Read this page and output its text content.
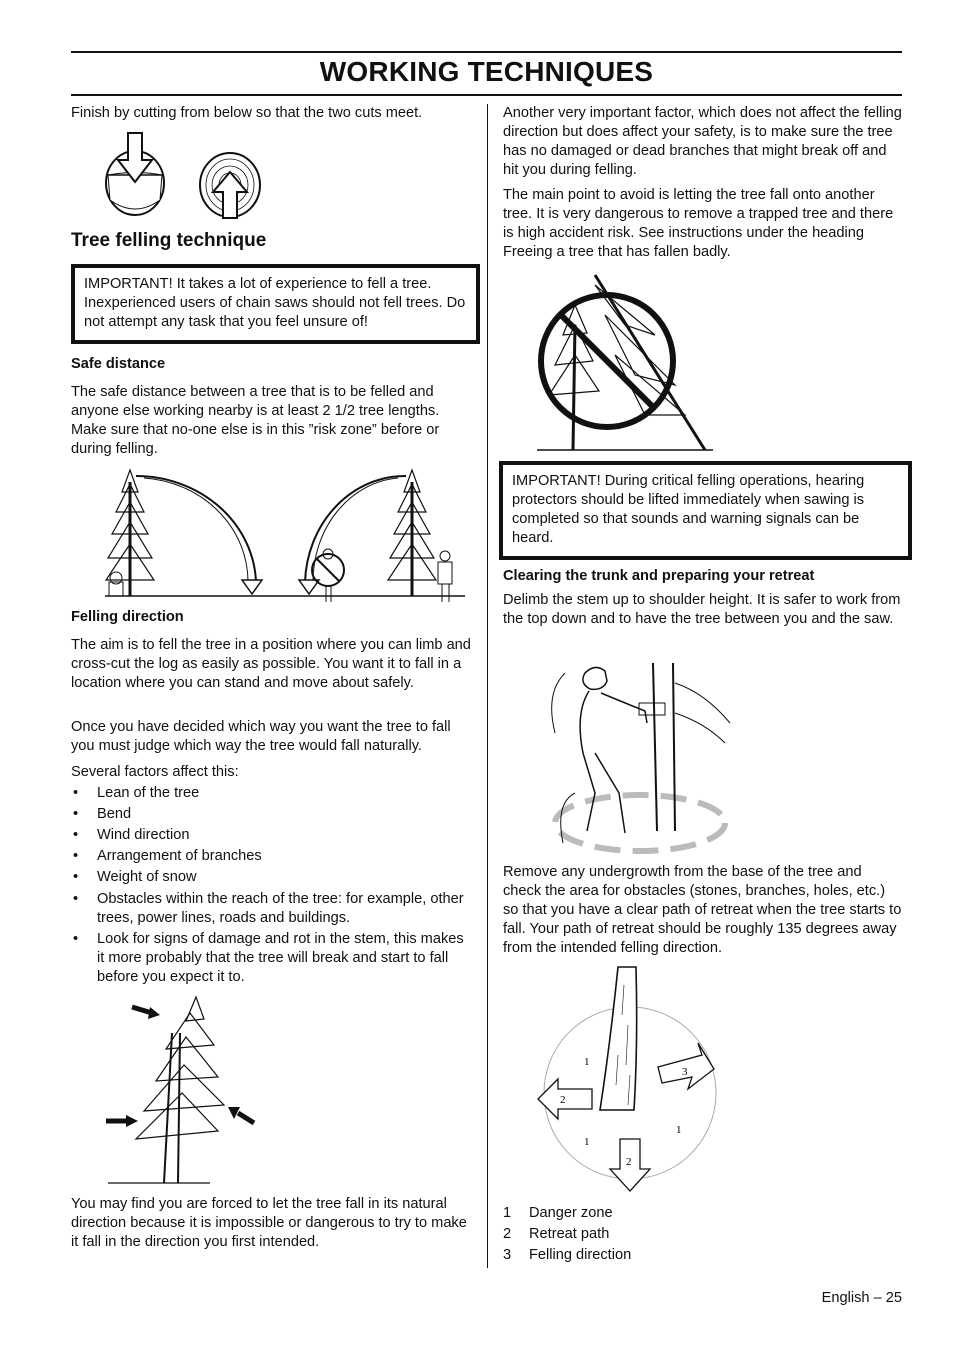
WORKING TECHNIQUES

Finish by cutting from below so that the two cuts meet.

Tree felling technique
IMPORTANT! It takes a lot of experience to fell a tree. Inexperienced users of chain saws should not fell trees. Do not attempt any task that you feel unsure of!
Safe distance

The safe distance between a tree that is to be felled and anyone else working nearby is at least 2 1/2 tree lengths. Make sure that no-one else is in this ”risk zone” before or during felling.

Felling direction

The aim is to fell the tree in a position where you can limb and cross-cut the log as easily as possible. You want it to fall in a location where you can stand and move about safely.

Once you have decided which way you want the tree to fall you must judge which way the tree would fall naturally.

Several factors affect this:

• Lean of the tree
• Bend
• Wind direction
• Arrangement of branches
• Weight of snow
• Obstacles within the reach of the tree: for example, other trees, power lines, roads and buildings.
• Look for signs of damage and rot in the stem, this makes it more probably that the tree will break and start to fall before you expect it to.

You may find you are forced to let the tree fall in its natural direction because it is impossible or dangerous to try to make it fall in the direction you first intended.

Another very important factor, which does not affect the felling direction but does affect your safety, is to make sure the tree has no damaged or dead branches that might break off and hit you during felling.

The main point to avoid is letting the tree fall onto another tree. It is very dangerous to remove a trapped tree and there is high accident risk. See instructions under the heading Freeing a tree that has fallen badly.

IMPORTANT! During critical felling operations, hearing protectors should be lifted immediately when sawing is completed so that sounds and warning signals can be heard.
Clearing the trunk and preparing your retreat

Delimb the stem up to shoulder height. It is safer to work from the top down and to have the tree between you and the saw.

Remove any undergrowth from the base of the tree and check the area for obstacles (stones, branches, holes, etc.) so that you have a clear path of retreat when the tree starts to fall. Your path of retreat should be roughly 135 degrees away from the intended felling direction.

1
3
2
1
1
2
1 Danger zone
2 Retreat path
3 Felling direction
English – 25
